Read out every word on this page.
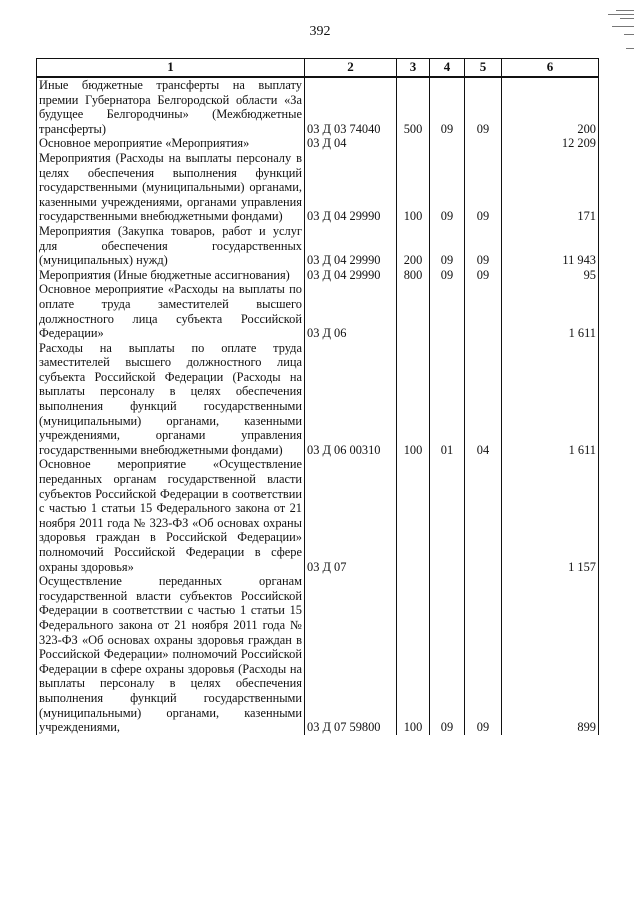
392
1	2	3	4	5	6
Иные бюджетные трансферты на выплату премии Губернатора Белгородской области «За будущее Белгородчины» (Межбюджетные трансферты)	03 Д 03 74040	500	09	09	200
Основное мероприятие «Мероприятия»	03 Д 04				12 209
Мероприятия (Расходы на выплаты персоналу в целях обеспечения выполнения функций государственными (муниципальными) органами, казенными учреждениями, органами управления государственными внебюджетными фондами)	03 Д 04 29990	100	09	09	171
Мероприятия (Закупка товаров, работ и услуг для обеспечения государственных (муниципальных) нужд)	03 Д 04 29990	200	09	09	11 943
Мероприятия (Иные бюджетные ассигнования)	03 Д 04 29990	800	09	09	95
Основное мероприятие «Расходы на выплаты по оплате труда заместителей высшего должностного лица субъекта Российской Федерации»	03 Д 06				1 611
Расходы на выплаты по оплате труда заместителей высшего должностного лица субъекта Российской Федерации (Расходы на выплаты персоналу в целях обеспечения выполнения функций государственными (муниципальными) органами, казенными учреждениями, органами управления государственными внебюджетными фондами)	03 Д 06 00310	100	01	04	1 611
Основное мероприятие «Осуществление переданных органам государственной власти субъектов Российской Федерации в соответствии с частью 1 статьи 15 Федерального закона от 21 ноября 2011 года № 323-ФЗ «Об основах охраны здоровья граждан в Российской Федерации» полномочий Российской Федерации в сфере охраны здоровья»	03 Д 07				1 157
Осуществление переданных органам государственной власти субъектов Российской Федерации в соответствии с частью 1 статьи 15 Федерального закона от 21 ноября 2011 года № 323-ФЗ «Об основах охраны здоровья граждан в Российской Федерации» полномочий Российской Федерации в сфере охраны здоровья (Расходы на выплаты персоналу в целях обеспечения выполнения функций государственными (муниципальными) органами, казенными учреждениями,	03 Д 07 59800	100	09	09	899
